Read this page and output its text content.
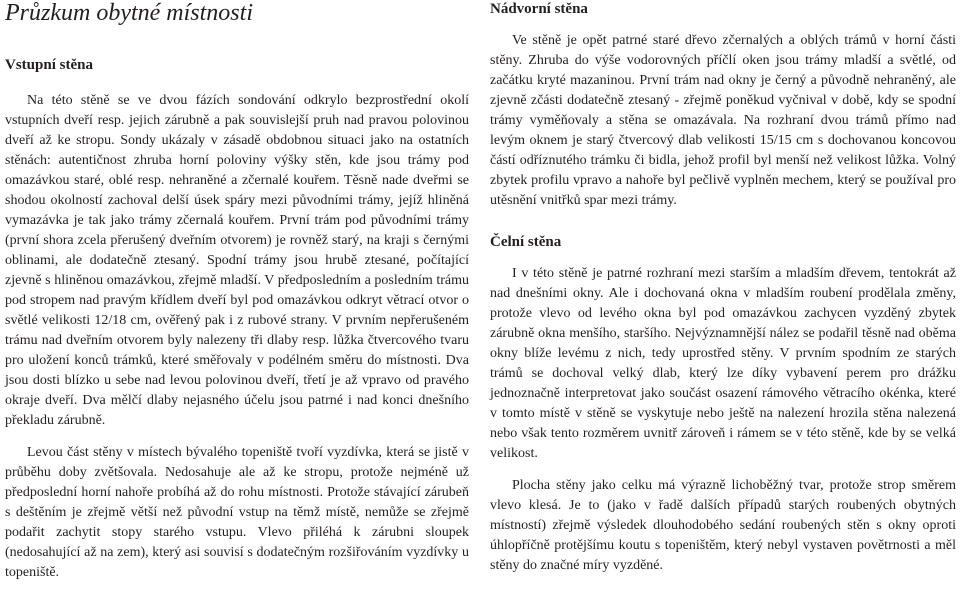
Průzkum obytné místnosti
Vstupní stěna

Na této stěně se ve dvou fázích sondování odkrylo bezprostřední okolí vstupních dveří resp. jejich zárubně a pak souvislejší pruh nad pravou polovinou dveří až ke stropu. Sondy ukázaly v zásadě obdobnou situaci jako na ostatních stěnách: autentičnost zhruba horní poloviny výšky stěn, kde jsou trámy pod omazávkou staré, oblé resp. nehraněné a zčernalé kouřem. Těsně nade dveřmi se shodou okolností zachoval delší úsek spáry mezi původními trámy, jejíž hliněná vymazávka je tak jako trámy zčernalá kouřem. První trám pod původními trámy (první shora zcela přerušený dveřním otvorem) je rovněž starý, na kraji s černými oblinami, ale dodatečně ztesaný. Spodní trámy jsou hrubě ztesané, počítající zjevně s hliněnou omazávkou, zřejmě mladší. V předposledním a posledním trámu pod stropem nad pravým křídlem dveří byl pod omazávkou odkryt větrací otvor o světlé velikosti 12/18 cm, ověřený pak i z rubové strany. V prvním nepřerušeném trámu nad dveřním otvorem byly nalezeny tři dlaby resp. lůžka čtvercového tvaru pro uložení konců trámků, které směřovaly v podélném směru do místnosti. Dva jsou dosti blízko u sebe nad levou polovinou dveří, třetí je až vpravo od pravého okraje dveří. Dva mělčí dlaby nejasného účelu jsou patrné i nad konci dnešního překladu zárubně.

Levou část stěny v místech bývalého topeniště tvoří vyzdívka, která se jistě v průběhu doby zvětšovala. Nedosahuje ale až ke stropu, protože nejméně už předposlední horní nahoře probíhá až do rohu místnosti. Protože stávající zárubeň s deštěním je zřejmě větší než původní vstup na těmž místě, nemůže se zřejmě podařit zachytit stopy starého vstupu. Vlevo přiléhá k zárubni sloupek (nedosahující až na zem), který asi souvisí s dodatečným rozšiřováním vyzdívky u topeniště.

Nádvorní stěna

Ve stěně je opět patrné staré dřevo zčernalých a oblých trámů v horní části stěny. Zhruba do výše vodorovných příčlí oken jsou trámy mladší a světlé, od začátku kryté mazaninou. První trám nad okny je černý a původně nehraněný, ale zjevně zčásti dodatečně ztesaný - zřejmě poněkud vyčnival v době, kdy se spodní trámy vyměňovaly a stěna se omazávala. Na rozhraní dvou trámů přímo nad levým oknem je starý čtvercový dlab velikosti 15/15 cm s dochovanou koncovou částí odříznutého trámku či bidla, jehož profil byl menší než velikost lůžka. Volný zbytek profilu vpravo a nahoře byl pečlivě vyplněn mechem, který se používal pro utěsnění vnitřků spar mezi trámy.

Čelní stěna

I v této stěně je patrné rozhraní mezi starším a mladším dřevem, tentokrát až nad dnešními okny. Ale i dochovaná okna v mladším roubení prodělala změny, protože vlevo od levého okna byl pod omazávkou zachycen vyzděný zbytek zárubně okna menšího, staršího. Nejvýznamnější nález se podařil těsně nad oběma okny blíže levému z nich, tedy uprostřed stěny. V prvním spodním ze starých trámů se dochoval velký dlab, který lze díky vybavení perem pro drážku jednoznačně interpretovat jako součást osazení rámového větracího okénka, které v tomto místě v stěně se vyskytuje nebo ještě na nalezení hrozila stěna nalezená nebo však tento rozměrem uvnitř zároveň i rámem se v této stěně, kde by se velká velikost.

Plocha stěny jako celku má výrazně lichoběžný tvar, protože strop směrem vlevo klesá. Je to (jako v řadě dalších případů starých roubených obytných místností) zřejmě výsledek dlouhodobého sedání roubených stěn s okny oproti úhlopříčně protějšímu koutu s topeništěm, který nebyl vystaven povětrnosti a měl stěny do značné míry vyzděné.
